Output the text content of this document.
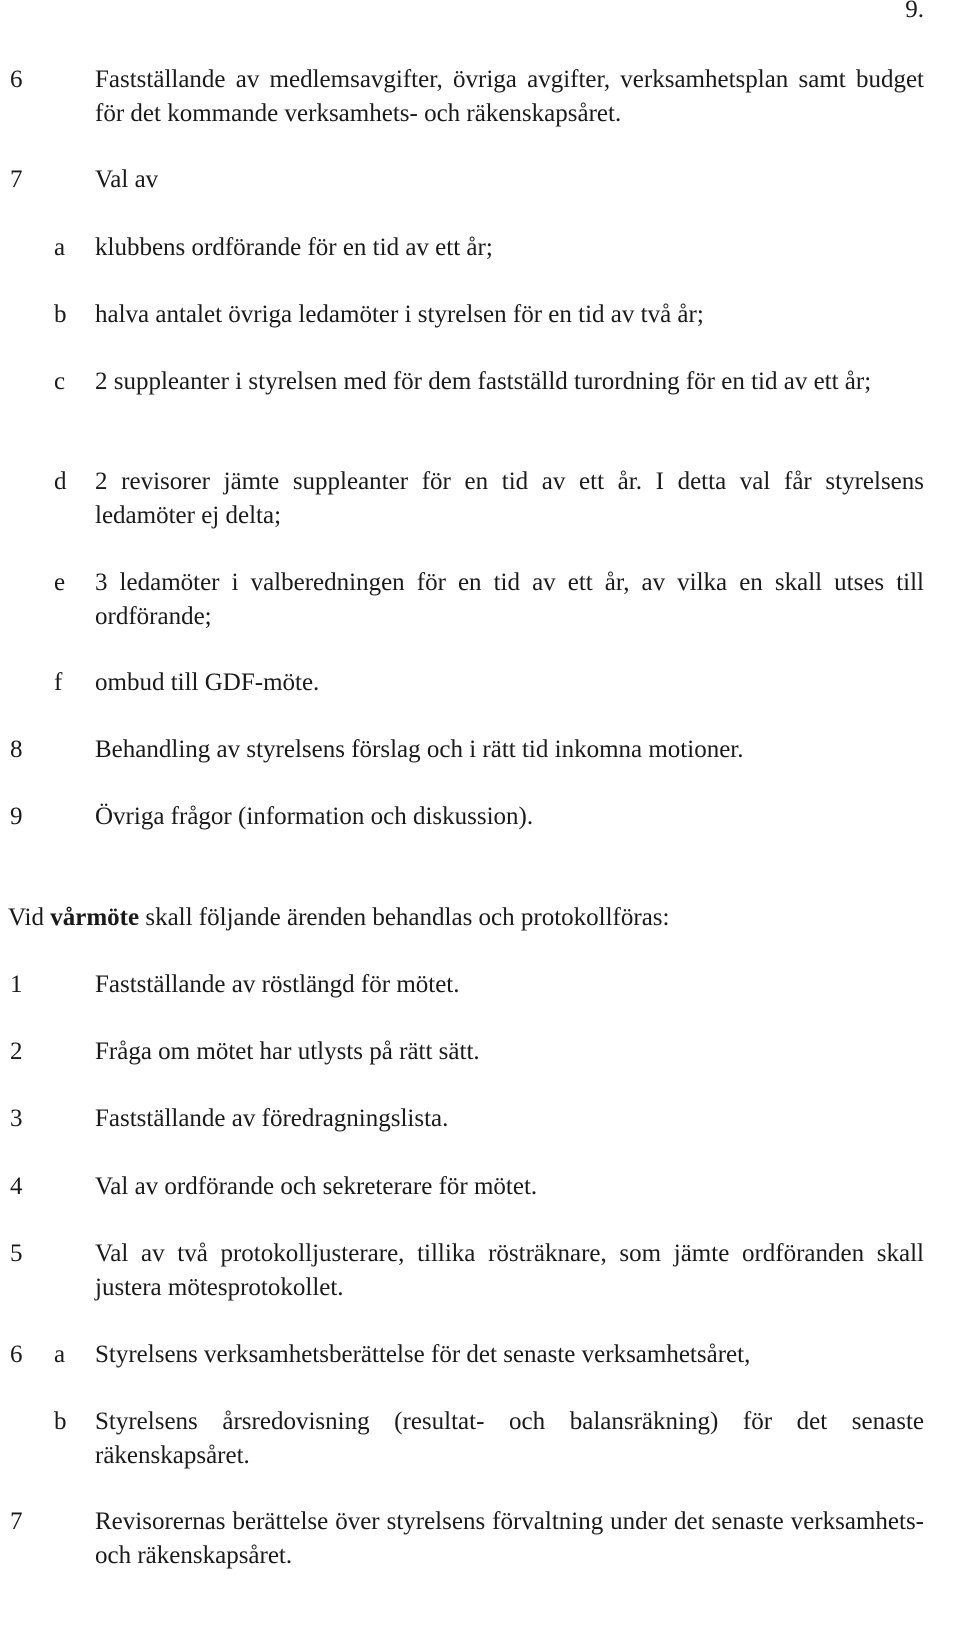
9.
6	Fastställande av medlemsavgifter, övriga avgifter, verksamhetsplan samt budget för det kommande verksamhets- och räkenskapsåret.
7	Val av
a klubbens ordförande för en tid av ett år;
b halva antalet övriga ledamöter i styrelsen för en tid av två år;
c 2 suppleanter i styrelsen med för dem fastställd turordning för en tid av ett år;
d 2 revisorer jämte suppleanter för en tid av ett år. I detta val får styrelsens ledamöter ej delta;
e 3 ledamöter i valberedningen för en tid av ett år, av vilka en skall utses till ordförande;
f ombud till GDF-möte.
8	Behandling av styrelsens förslag och i rätt tid inkomna motioner.
9	Övriga frågor (information och diskussion).
Vid vårmöte skall följande ärenden behandlas och protokollföras:
1	Fastställande av röstlängd för mötet.
2	Fråga om mötet har utlysts på rätt sätt.
3	Fastställande av föredragningslista.
4	Val av ordförande och sekreterare för mötet.
5	Val av två protokolljusterare, tillika rösträknare, som jämte ordföranden skall justera mötesprotokollet.
6	a Styrelsens verksamhetsberättelse för det senaste verksamhetsåret,
b Styrelsens årsredovisning (resultat- och balansräkning) för det senaste räkenskapsåret.
7	Revisorernas berättelse över styrelsens förvaltning under det senaste verksamhets- och räkenskapsåret.
